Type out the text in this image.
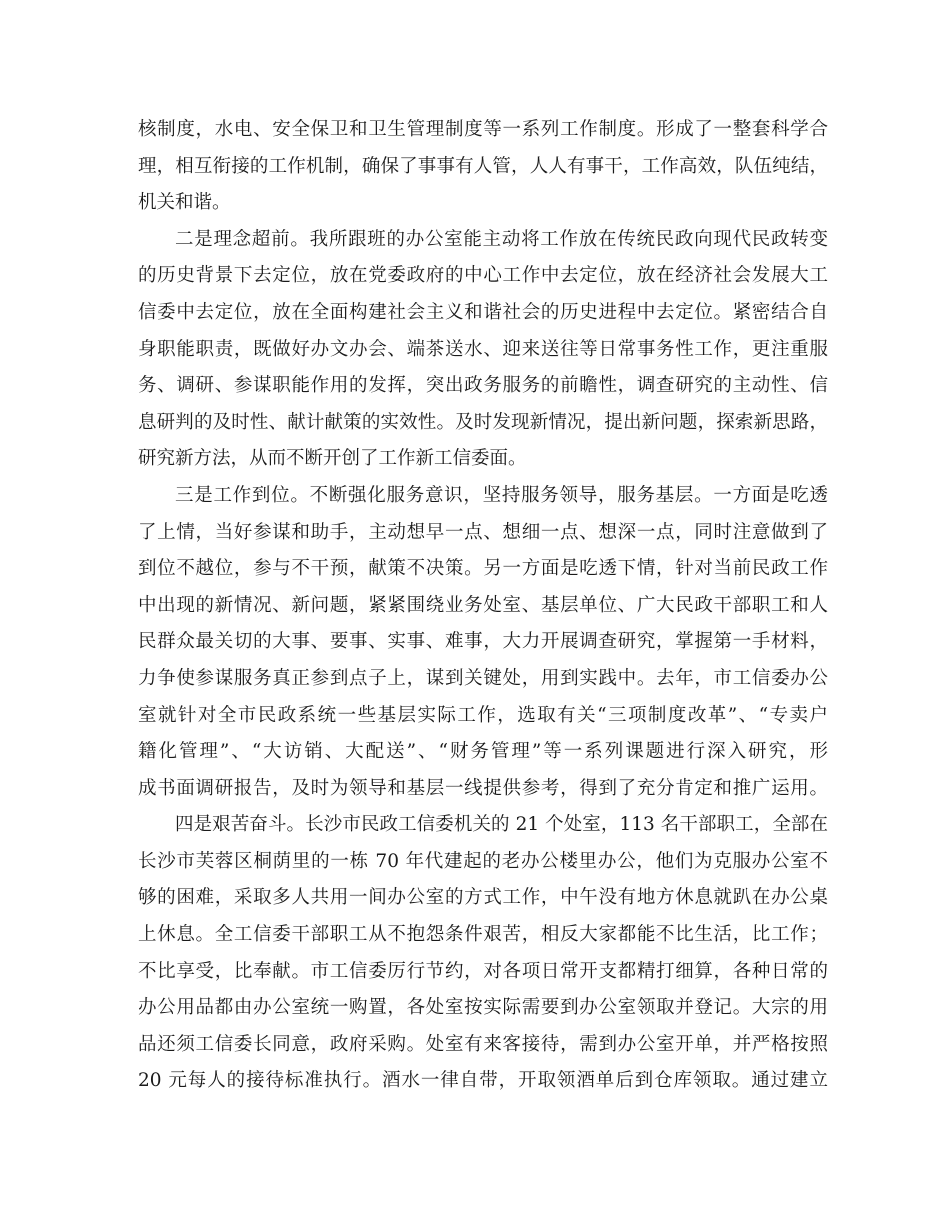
核制度，水电、安全保卫和卫生管理制度等一系列工作制度。形成了一整套科学合
理，相互衔接的工作机制，确保了事事有人管，人人有事干，工作高效，队伍纯结，
机关和谐。
二是理念超前。我所跟班的办公室能主动将工作放在传统民政向现代民政转变
的历史背景下去定位，放在党委政府的中心工作中去定位，放在经济社会发展大工
信委中去定位，放在全面构建社会主义和谐社会的历史进程中去定位。紧密结合自
身职能职责，既做好办文办会、端茶送水、迎来送往等日常事务性工作，更注重服
务、调研、参谋职能作用的发挥，突出政务服务的前瞻性，调查研究的主动性、信
息研判的及时性、献计献策的实效性。及时发现新情况，提出新问题，探索新思路，
研究新方法，从而不断开创了工作新工信委面。
三是工作到位。不断强化服务意识，坚持服务领导，服务基层。一方面是吃透
了上情，当好参谋和助手，主动想早一点、想细一点、想深一点，同时注意做到了
到位不越位，参与不干预，献策不决策。另一方面是吃透下情，针对当前民政工作
中出现的新情况、新问题，紧紧围绕业务处室、基层单位、广大民政干部职工和人
民群众最关切的大事、要事、实事、难事，大力开展调查研究，掌握第一手材料，
力争使参谋服务真正参到点子上，谋到关键处，用到实践中。去年，市工信委办公
室就针对全市民政系统一些基层实际工作，选取有关“三项制度改革”、“专卖户
籍化管理”、“大访销、大配送”、“财务管理”等一系列课题进行深入研究，形
成书面调研报告，及时为领导和基层一线提供参考，得到了充分肯定和推广运用。
四是艰苦奋斗。长沙市民政工信委机关的 21 个处室，113 名干部职工，全部在
长沙市芙蓉区桐荫里的一栋 70 年代建起的老办公楼里办公，他们为克服办公室不
够的困难，采取多人共用一间办公室的方式工作，中午没有地方休息就趴在办公桌
上休息。全工信委干部职工从不抱怨条件艰苦，相反大家都能不比生活，比工作；
不比享受，比奉献。市工信委厉行节约，对各项日常开支都精打细算，各种日常的
办公用品都由办公室统一购置，各处室按实际需要到办公室领取并登记。大宗的用
品还须工信委长同意，政府采购。处室有来客接待，需到办公室开单，并严格按照
20 元每人的接待标准执行。酒水一律自带，开取领酒单后到仓库领取。通过建立
